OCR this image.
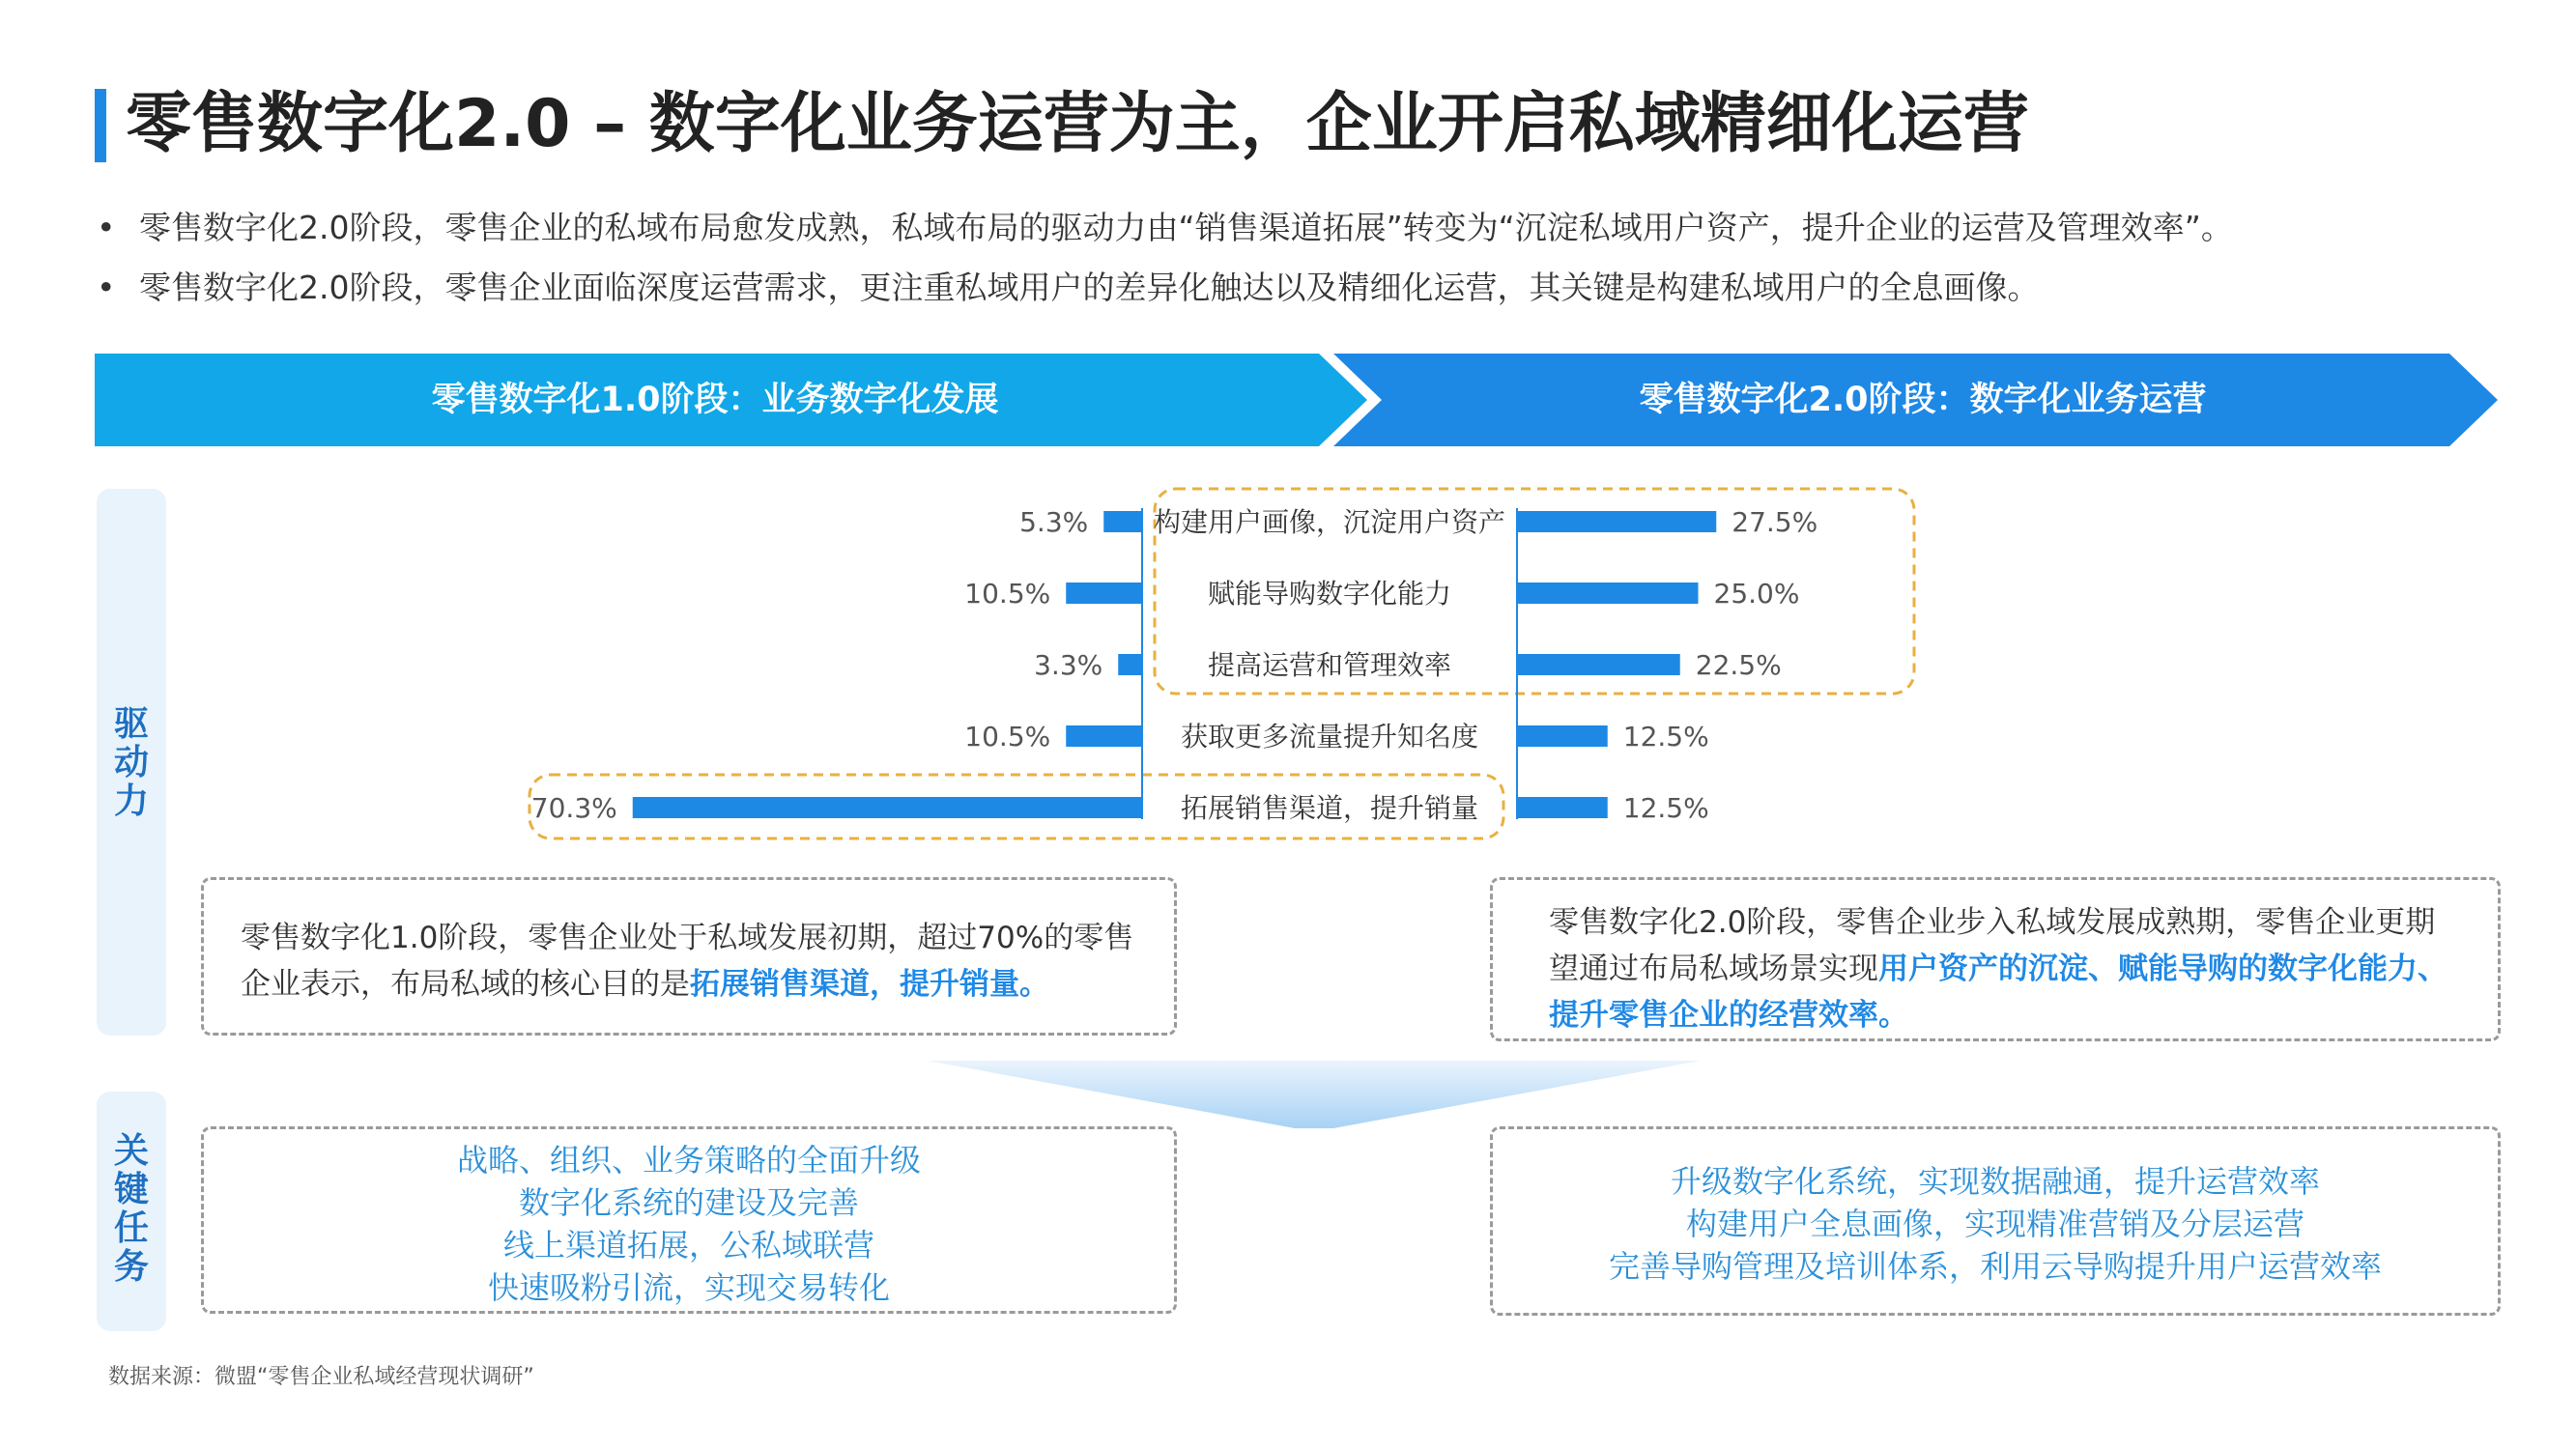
零售数字化2.0 – 数字化业务运营为主，企业开启私域精细化运营
• 零售数字化2.0阶段，零售企业的私域布局愈发成熟，私域布局的驱动力由“销售渠道拓展”转变为“沉淀私域用户资产，提升企业的运营及管理效率”。
• 零售数字化2.0阶段，零售企业面临深度运营需求，更注重私域用户的差异化触达以及精细化运营，其关键是构建私域用户的全息画像。
零售数字化1.0阶段：业务数字化发展	零售数字化2.0阶段：数字化业务运营
驱
动
力
关
键
任
务
5.3%	27.5%
构建用户画像，沉淀用户资产
10.5%	25.0%
赋能导购数字化能力
3.3%	22.5%
提高运营和管理效率
10.5%	12.5%
获取更多流量提升知名度
70.3%	12.5%
拓展销售渠道，提升销量
零售数字化1.0阶段，零售企业处于私域发展初期，超过70%的零售企业表示，布局私域的核心目的是拓展销售渠道，提升销量。
零售数字化2.0阶段，零售企业步入私域发展成熟期，零售企业更期望通过布局私域场景实现用户资产的沉淀、赋能导购的数字化能力、提升零售企业的经营效率。
战略、组织、业务策略的全面升级
数字化系统的建设及完善
线上渠道拓展，公私域联营
快速吸粉引流，实现交易转化
升级数字化系统，实现数据融通，提升运营效率
构建用户全息画像，实现精准营销及分层运营
完善导购管理及培训体系，利用云导购提升用户运营效率
数据来源：微盟“零售企业私域经营现状调研”
